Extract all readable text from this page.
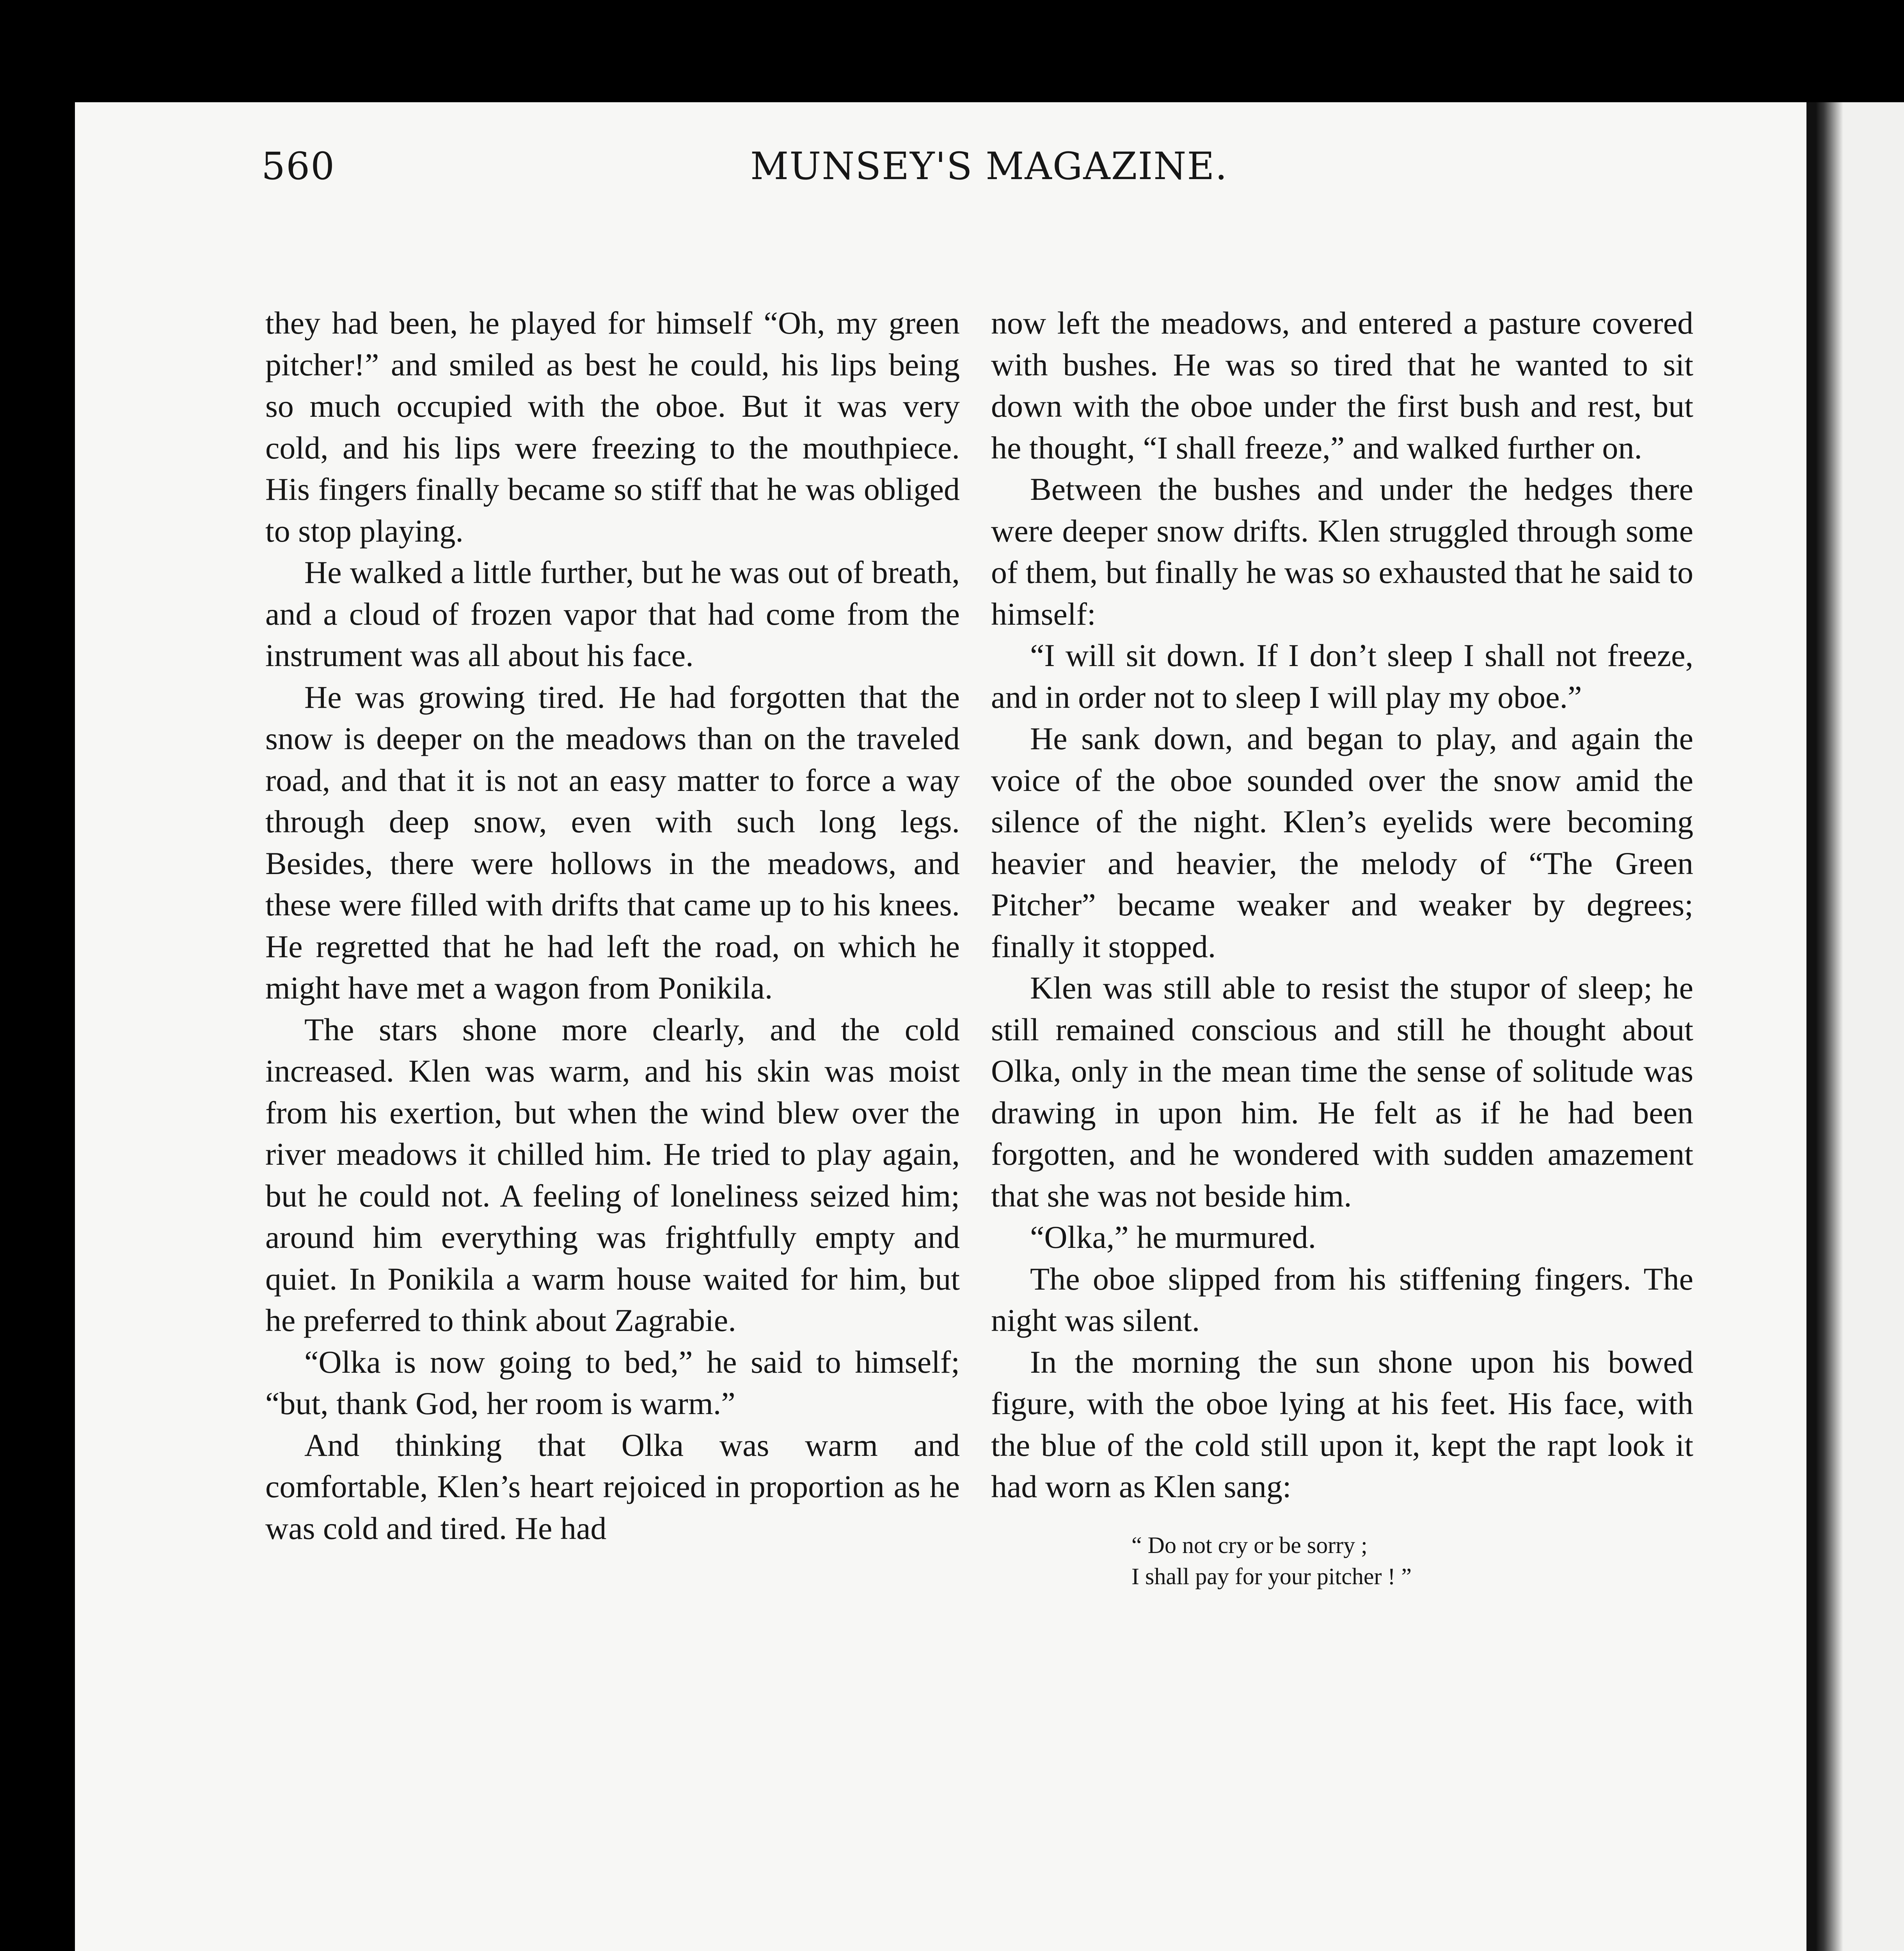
560	MUNSEY'S MAGAZINE.

they had been, he played for himself “Oh, my green pitcher!” and smiled as best he could, his lips being so much occupied with the oboe. But it was very cold, and his lips were freezing to the mouthpiece. His fingers finally became so stiff that he was obliged to stop playing.

He walked a little further, but he was out of breath, and a cloud of frozen vapor that had come from the instrument was all about his face.

He was growing tired. He had forgotten that the snow is deeper on the meadows than on the traveled road, and that it is not an easy matter to force a way through deep snow, even with such long legs. Besides, there were hollows in the meadows, and these were filled with drifts that came up to his knees. He regretted that he had left the road, on which he might have met a wagon from Ponikila.

The stars shone more clearly, and the cold increased. Klen was warm, and his skin was moist from his exertion, but when the wind blew over the river meadows it chilled him. He tried to play again, but he could not. A feeling of loneliness seized him; around him everything was frightfully empty and quiet. In Ponikila a warm house waited for him, but he preferred to think about Zagrabie.

“Olka is now going to bed,” he said to himself; “but, thank God, her room is warm.”

And thinking that Olka was warm and comfortable, Klen’s heart rejoiced in proportion as he was cold and tired. He had

now left the meadows, and entered a pasture covered with bushes. He was so tired that he wanted to sit down with the oboe under the first bush and rest, but he thought, “I shall freeze,” and walked further on.

Between the bushes and under the hedges there were deeper snow drifts. Klen struggled through some of them, but finally he was so exhausted that he said to himself:

“I will sit down. If I don’t sleep I shall not freeze, and in order not to sleep I will play my oboe.”

He sank down, and began to play, and again the voice of the oboe sounded over the snow amid the silence of the night. Klen’s eyelids were becoming heavier and heavier, the melody of “The Green Pitcher” became weaker and weaker by degrees; finally it stopped.

Klen was still able to resist the stupor of sleep; he still remained conscious and still he thought about Olka, only in the mean time the sense of solitude was drawing in upon him. He felt as if he had been forgotten, and he wondered with sudden amazement that she was not beside him.

“Olka,” he murmured.

The oboe slipped from his stiffening fingers. The night was silent.

In the morning the sun shone upon his bowed figure, with the oboe lying at his feet. His face, with the blue of the cold still upon it, kept the rapt look it had worn as Klen sang:

“ Do not cry or be sorry ;
I shall pay for your pitcher ! ”
